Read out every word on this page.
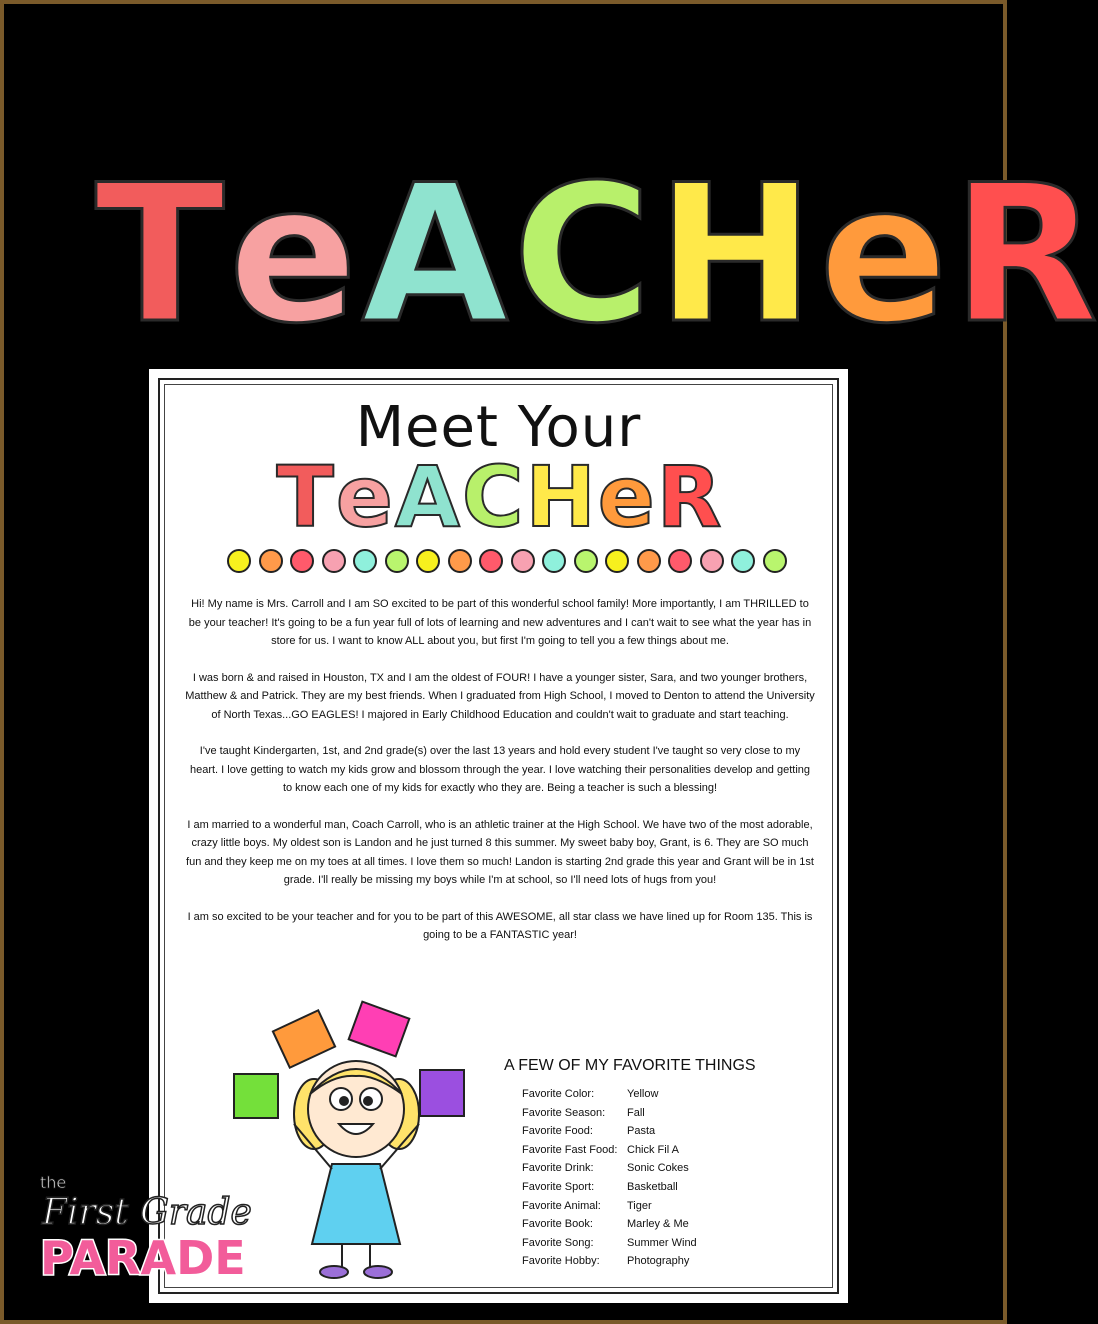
T e A C H e R
Meet Your
T e A C H e R

Hi! My name is Mrs. Carroll and I am SO excited to be part of this wonderful school family! More importantly, I am THRILLED to be your teacher! It's going to be a fun year full of lots of learning and new adventures and I can't wait to see what the year has in store for us. I want to know ALL about you, but first I'm going to tell you a few things about me.

I was born & and raised in Houston, TX and I am the oldest of FOUR! I have a younger sister, Sara, and two younger brothers, Matthew & and Patrick. They are my best friends. When I graduated from High School, I moved to Denton to attend the University of North Texas...GO EAGLES! I majored in Early Childhood Education and couldn't wait to graduate and start teaching.

I've taught Kindergarten, 1st, and 2nd grade(s) over the last 13 years and hold every student I've taught so very close to my heart. I love getting to watch my kids grow and blossom through the year. I love watching their personalities develop and getting to know each one of my kids for exactly who they are. Being a teacher is such a blessing!

I am married to a wonderful man, Coach Carroll, who is an athletic trainer at the High School. We have two of the most adorable, crazy little boys. My oldest son is Landon and he just turned 8 this summer. My sweet baby boy, Grant, is 6. They are SO much fun and they keep me on my toes at all times. I love them so much! Landon is starting 2nd grade this year and Grant will be in 1st grade. I'll really be missing my boys while I'm at school, so I'll need lots of hugs from you!

I am so excited to be your teacher and for you to be part of this AWESOME, all star class we have lined up for Room 135. This is going to be a FANTASTIC year!

A FEW OF MY FAVORITE THINGS
Favorite Color:	Yellow
Favorite Season:	Fall
Favorite Food:	Pasta
Favorite Fast Food: Chick Fil A
Favorite Drink:	Sonic Cokes
Favorite Sport:	Basketball
Favorite Animal:	Tiger
Favorite Book:	Marley & Me
Favorite Song:	Summer Wind
Favorite Hobby:	Photography
the
First Grade
PARADE
